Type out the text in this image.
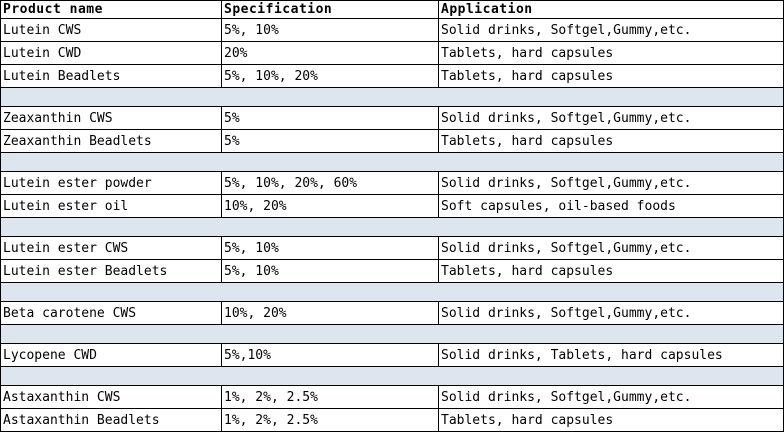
Product name	Specification	Application
Lutein CWS	5%, 10%	Solid drinks, Softgel,Gummy,etc.
Lutein CWD	20%	Tablets, hard capsules
Lutein Beadlets	5%, 10%, 20%	Tablets, hard capsules
Zeaxanthin CWS	5%	Solid drinks, Softgel,Gummy,etc.
Zeaxanthin Beadlets	5%	Tablets, hard capsules
Lutein ester powder	5%, 10%, 20%, 60%	Solid drinks, Softgel,Gummy,etc.
Lutein ester oil	10%, 20%	Soft capsules, oil-based foods
Lutein ester CWS	5%, 10%	Solid drinks, Softgel,Gummy,etc.
Lutein ester Beadlets	5%, 10%	Tablets, hard capsules
Beta carotene CWS	10%, 20%	Solid drinks, Softgel,Gummy,etc.
Lycopene CWD	5%,10%	Solid drinks, Tablets, hard capsules
Astaxanthin CWS	1%, 2%, 2.5%	Solid drinks, Softgel,Gummy,etc.
Astaxanthin Beadlets	1%, 2%, 2.5%	Tablets, hard capsules
